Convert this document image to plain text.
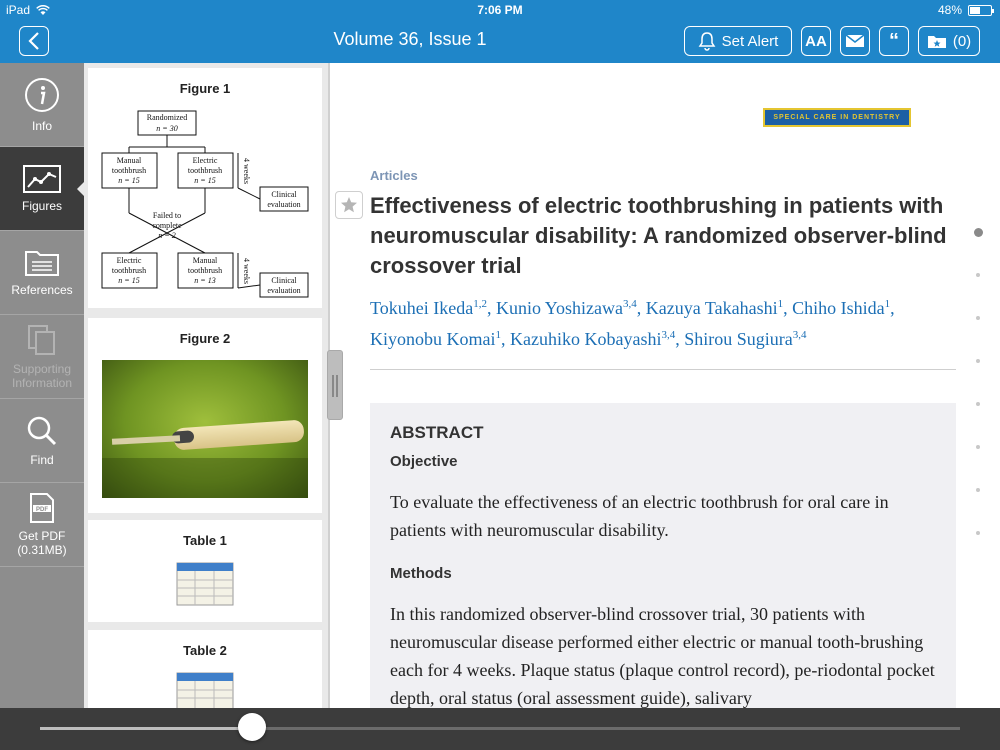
iPad	7:06 PM	48%
Volume 36, Issue 1	Set Alert AA	“	(0)
Info
Figures
References
Supporting Information
Find
PDF
Get PDF (0.31MB)
Figure 1
Randomized
n = 30
Manual
toothbrush
n = 15
Electric
toothbrush
n = 15	4 weeks
Clinical
evaluation
Failed to
complete
n = 2
Electric
toothbrush
n = 15
Manual
toothbrush
n = 13	4 weeks	Clinical
evaluation
Figure 2
Table 1
Table 2
SPECIAL CARE IN DENTISTRY
Articles
Effectiveness of electric toothbrushing in patients with neuromuscular disability: A randomized observer-blind crossover trial
Tokuhei Ikeda$^{1,2}$, Kunio Yoshizawa$^{3,4}$, Kazuya Takahashi$^1$, Chiho Ishida$^1$, Kiyonobu Komai$^1$, Kazuhiko Kobayashi$^{3,4}$, Shirou Sugiura$^{3,4}$
ABSTRACT
Objective
To evaluate the effectiveness of an electric toothbrush for oral care in patients with neuromuscular disability.
Methods
In this randomized observer-blind crossover trial, 30 patients with neuromuscular disease performed either electric or manual tooth-brushing each for 4 weeks. Plaque status (plaque control record), pe-riodontal pocket depth, oral status (oral assessment guide), salivary
